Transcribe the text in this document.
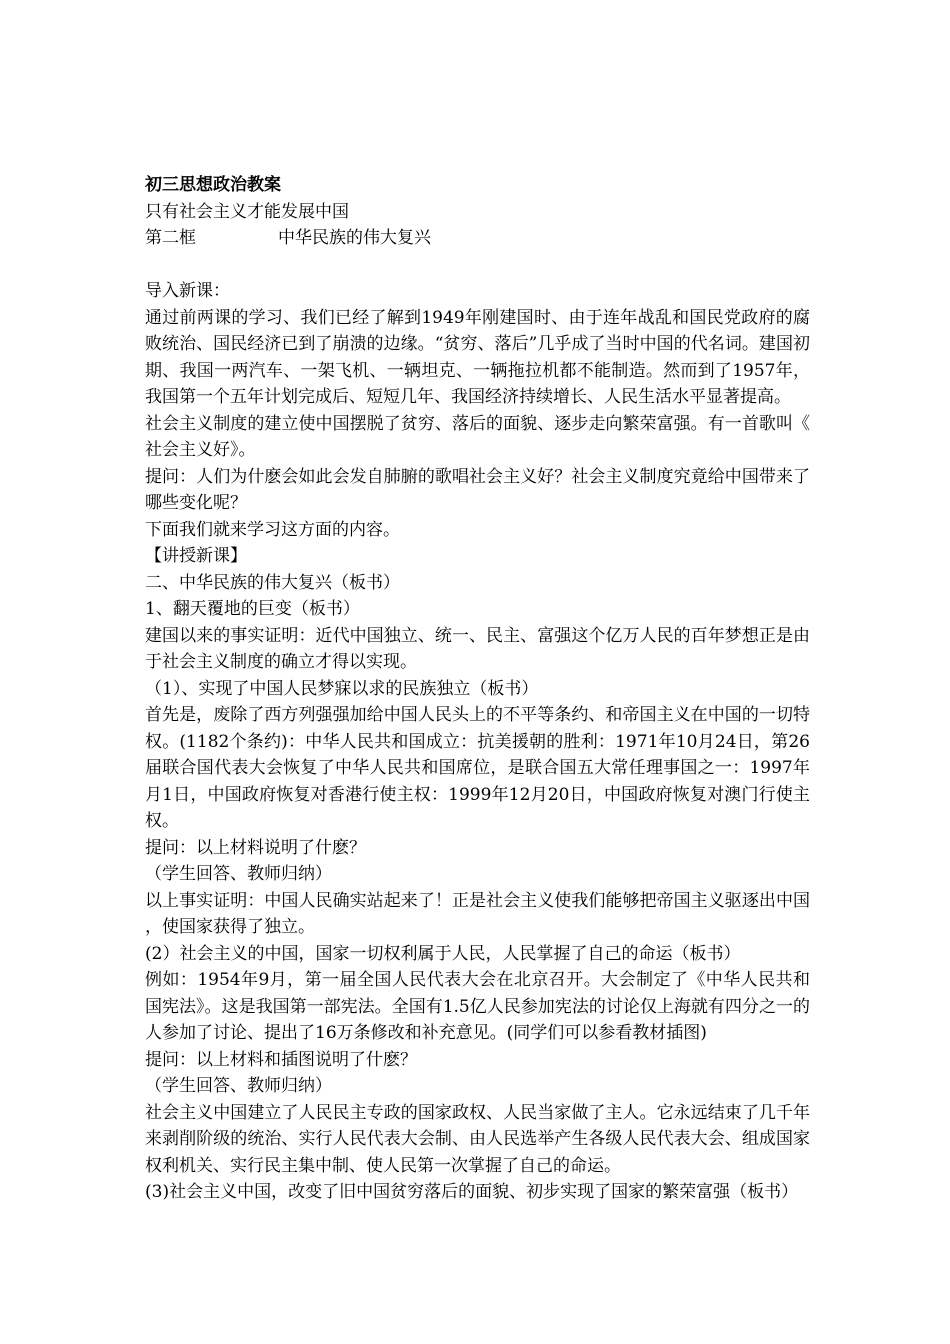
初三思想政治教案
只有社会主义才能发展中国
第二框	中华民族的伟大复兴
导入新课：
通过前两课的学习、我们已经了解到1949年刚建国时、由于连年战乱和国民党政府的腐败统治、国民经济已到了崩溃的边缘。“贫穷、落后”几乎成了当时中国的代名词。建国初期、我国一两汽车、一架飞机、一辆坦克、一辆拖拉机都不能制造。然而到了1957年，我国第一个五年计划完成后、短短几年、我国经济持续增长、人民生活水平显著提高。
社会主义制度的建立使中国摆脱了贫穷、落后的面貌、逐步走向繁荣富强。有一首歌叫《社会主义好》。
提问：人们为什麽会如此会发自肺腑的歌唱社会主义好？社会主义制度究竟给中国带来了哪些变化呢？
下面我们就来学习这方面的内容。
【讲授新课】
二、中华民族的伟大复兴（板书）
1、翻天覆地的巨变（板书）
建国以来的事实证明：近代中国独立、统一、民主、富强这个亿万人民的百年梦想正是由于社会主义制度的确立才得以实现。
（1）、实现了中国人民梦寐以求的民族独立（板书）
首先是，废除了西方列强强加给中国人民头上的不平等条约、和帝国主义在中国的一切特权。(1182个条约)：中华人民共和国成立：抗美援朝的胜利：1971年10月24日，第26届联合国代表大会恢复了中华人民共和国席位，是联合国五大常任理事国之一：1997年月1日，中国政府恢复对香港行使主权：1999年12月20日，中国政府恢复对澳门行使主权。
提问：以上材料说明了什麽？
（学生回答、教师归纳）
以上事实证明：中国人民确实站起来了！正是社会主义使我们能够把帝国主义驱逐出中国，使国家获得了独立。
(2）社会主义的中国，国家一切权利属于人民，人民掌握了自己的命运（板书）
例如：1954年9月，第一届全国人民代表大会在北京召开。大会制定了《中华人民共和国宪法》。这是我国第一部宪法。全国有1.5亿人民参加宪法的讨论仅上海就有四分之一的人参加了讨论、提出了16万条修改和补充意见。(同学们可以参看教材插图)
提问：以上材料和插图说明了什麽？
（学生回答、教师归纳）
社会主义中国建立了人民民主专政的国家政权、人民当家做了主人。它永远结束了几千年来剥削阶级的统治、实行人民代表大会制、由人民选举产生各级人民代表大会、组成国家权利机关、实行民主集中制、使人民第一次掌握了自己的命运。
(3)社会主义中国，改变了旧中国贫穷落后的面貌、初步实现了国家的繁荣富强（板书）
